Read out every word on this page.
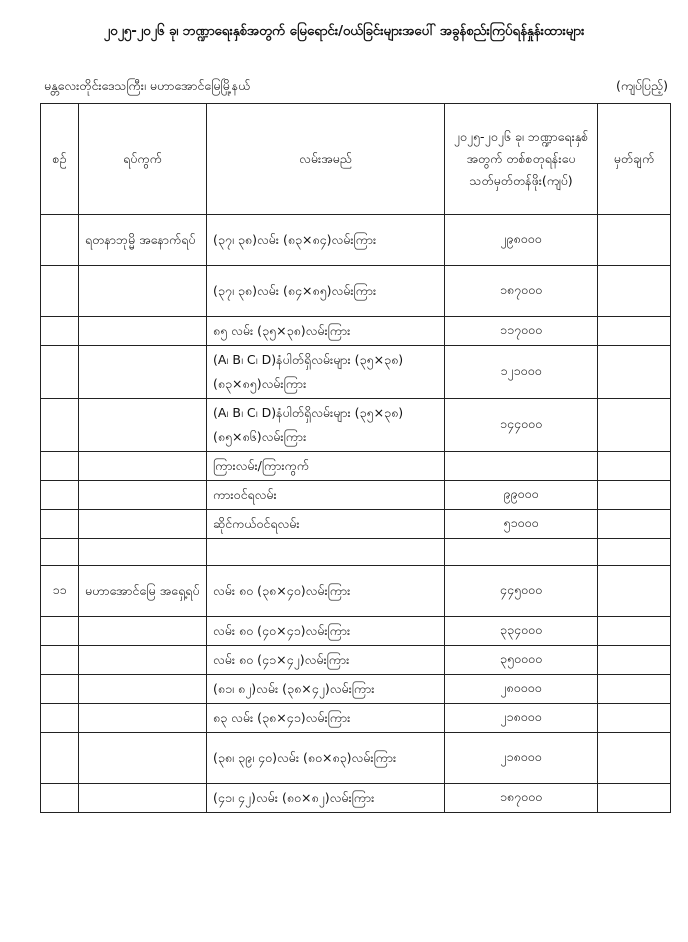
၂၀၂၅-၂၀၂၆ ခု၊ ဘဏ္ဍာရေးနှစ်အတွက် မြေရောင်း/ဝယ်ခြင်းများအပေါ် အခွန်စည်းကြပ်ရန်နှုန်းထားများ
မန္တလေးတိုင်းဒေသကြီး၊ မဟာအောင်မြေမြို့နယ်	(ကျပ်ပြည့်)
စဉ်	ရပ်ကွက်	လမ်းအမည်	၂၀၂၅-၂၀၂၆ ခု၊ ဘဏ္ဍာရေးနှစ်အတွက် တစ်စတုရန်းပေ သတ်မှတ်တန်ဖိုး(ကျပ်)	မှတ်ချက်
	ရတနာဘုမ္မိ အနောက်ရပ်	(၃၇၊ ၃၈)လမ်း (၈၃×၈၄)လမ်းကြား	၂၉၈၀၀၀	
		(၃၇၊ ၃၈)လမ်း (၈၄×၈၅)လမ်းကြား	၁၈၇၀၀၀	
		၈၅ လမ်း (၃၅×၃၈)လမ်းကြား	၁၁၇၀၀၀	
		(A၊ B၊ C၊ D)နံပါတ်ရှိလမ်းများ (၃၅×၃၈)(၈၃×၈၅)လမ်းကြား	၁၂၁၀၀၀	
		(A၊ B၊ C၊ D)နံပါတ်ရှိလမ်းများ (၃၅×၃၈)(၈၅×၈၆)လမ်းကြား	၁၄၄၀၀၀	
		ကြားလမ်း/ကြားကွက်		
		ကားဝင်ရလမ်း	၉၉၀၀၀	
		ဆိုင်ကယ်ဝင်ရလမ်း	၅၁၀၀၀	

၁၁	မဟာအောင်မြေ အရှေ့ရပ်	လမ်း ၈၀ (၃၈×၄၀)လမ်းကြား	၄၄၅၀၀၀	
		လမ်း ၈၀ (၄၀×၄၁)လမ်းကြား	၃၃၄၀၀၀	
		လမ်း ၈၀ (၄၁×၄၂)လမ်းကြား	၃၅၀၀၀၀	
		(၈၁၊ ၈၂)လမ်း (၃၈×၄၂)လမ်းကြား	၂၈၀၀၀၀	
		၈၃ လမ်း (၃၈×၄၁)လမ်းကြား	၂၁၈၀၀၀	
		(၃၈၊ ၃၉၊ ၄၀)လမ်း (၈၀×၈၃)လမ်းကြား	၂၁၈၀၀၀	
		(၄၁၊ ၄၂)လမ်း (၈၀×၈၂)လမ်းကြား	၁၈၇၀၀၀	
